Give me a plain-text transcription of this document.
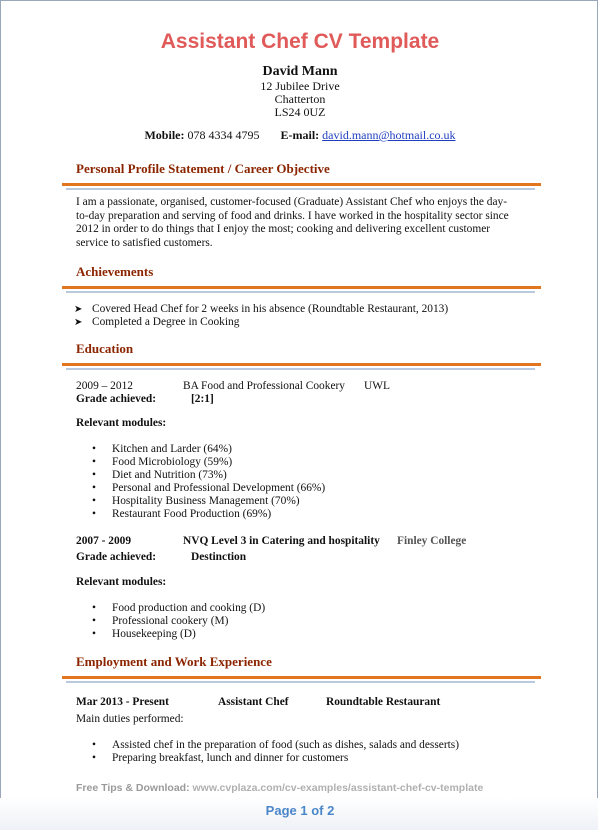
Assistant Chef CV Template
David Mann
12 Jubilee Drive
Chatterton
LS24 0UZ
Mobile: 078 4334 4795 E-mail: david.mann@hotmail.co.uk
Personal Profile Statement / Career Objective
I am a passionate, organised, customer-focused (Graduate) Assistant Chef who enjoys the day-
to-day preparation and serving of food and drinks. I have worked in the hospitality sector since
2012 in order to do things that I enjoy the most; cooking and delivering excellent customer
service to satisfied customers.
Achievements
➤ Covered Head Chef for 2 weeks in his absence (Roundtable Restaurant, 2013)
➤ Completed a Degree in Cooking
Education
2009 – 2012	BA Food and Professional Cookery UWL
Grade achieved:	[2:1]
Relevant modules:
• Kitchen and Larder (64%)
• Food Microbiology (59%)
• Diet and Nutrition (73%)
• Personal and Professional Development (66%)
• Hospitality Business Management (70%)
• Restaurant Food Production (69%)
2007 - 2009	NVQ Level 3 in Catering and hospitality Finley College
Grade achieved:	Destinction
Relevant modules:
• Food production and cooking (D)
• Professional cookery (M)
• Housekeeping (D)
Employment and Work Experience
Mar 2013 - Present	Assistant Chef	Roundtable Restaurant
Main duties performed:
• Assisted chef in the preparation of food (such as dishes, salads and desserts)
• Preparing breakfast, lunch and dinner for customers
Free Tips & Download: www.cvplaza.com/cv-examples/assistant-chef-cv-template
Page 1 of 2
